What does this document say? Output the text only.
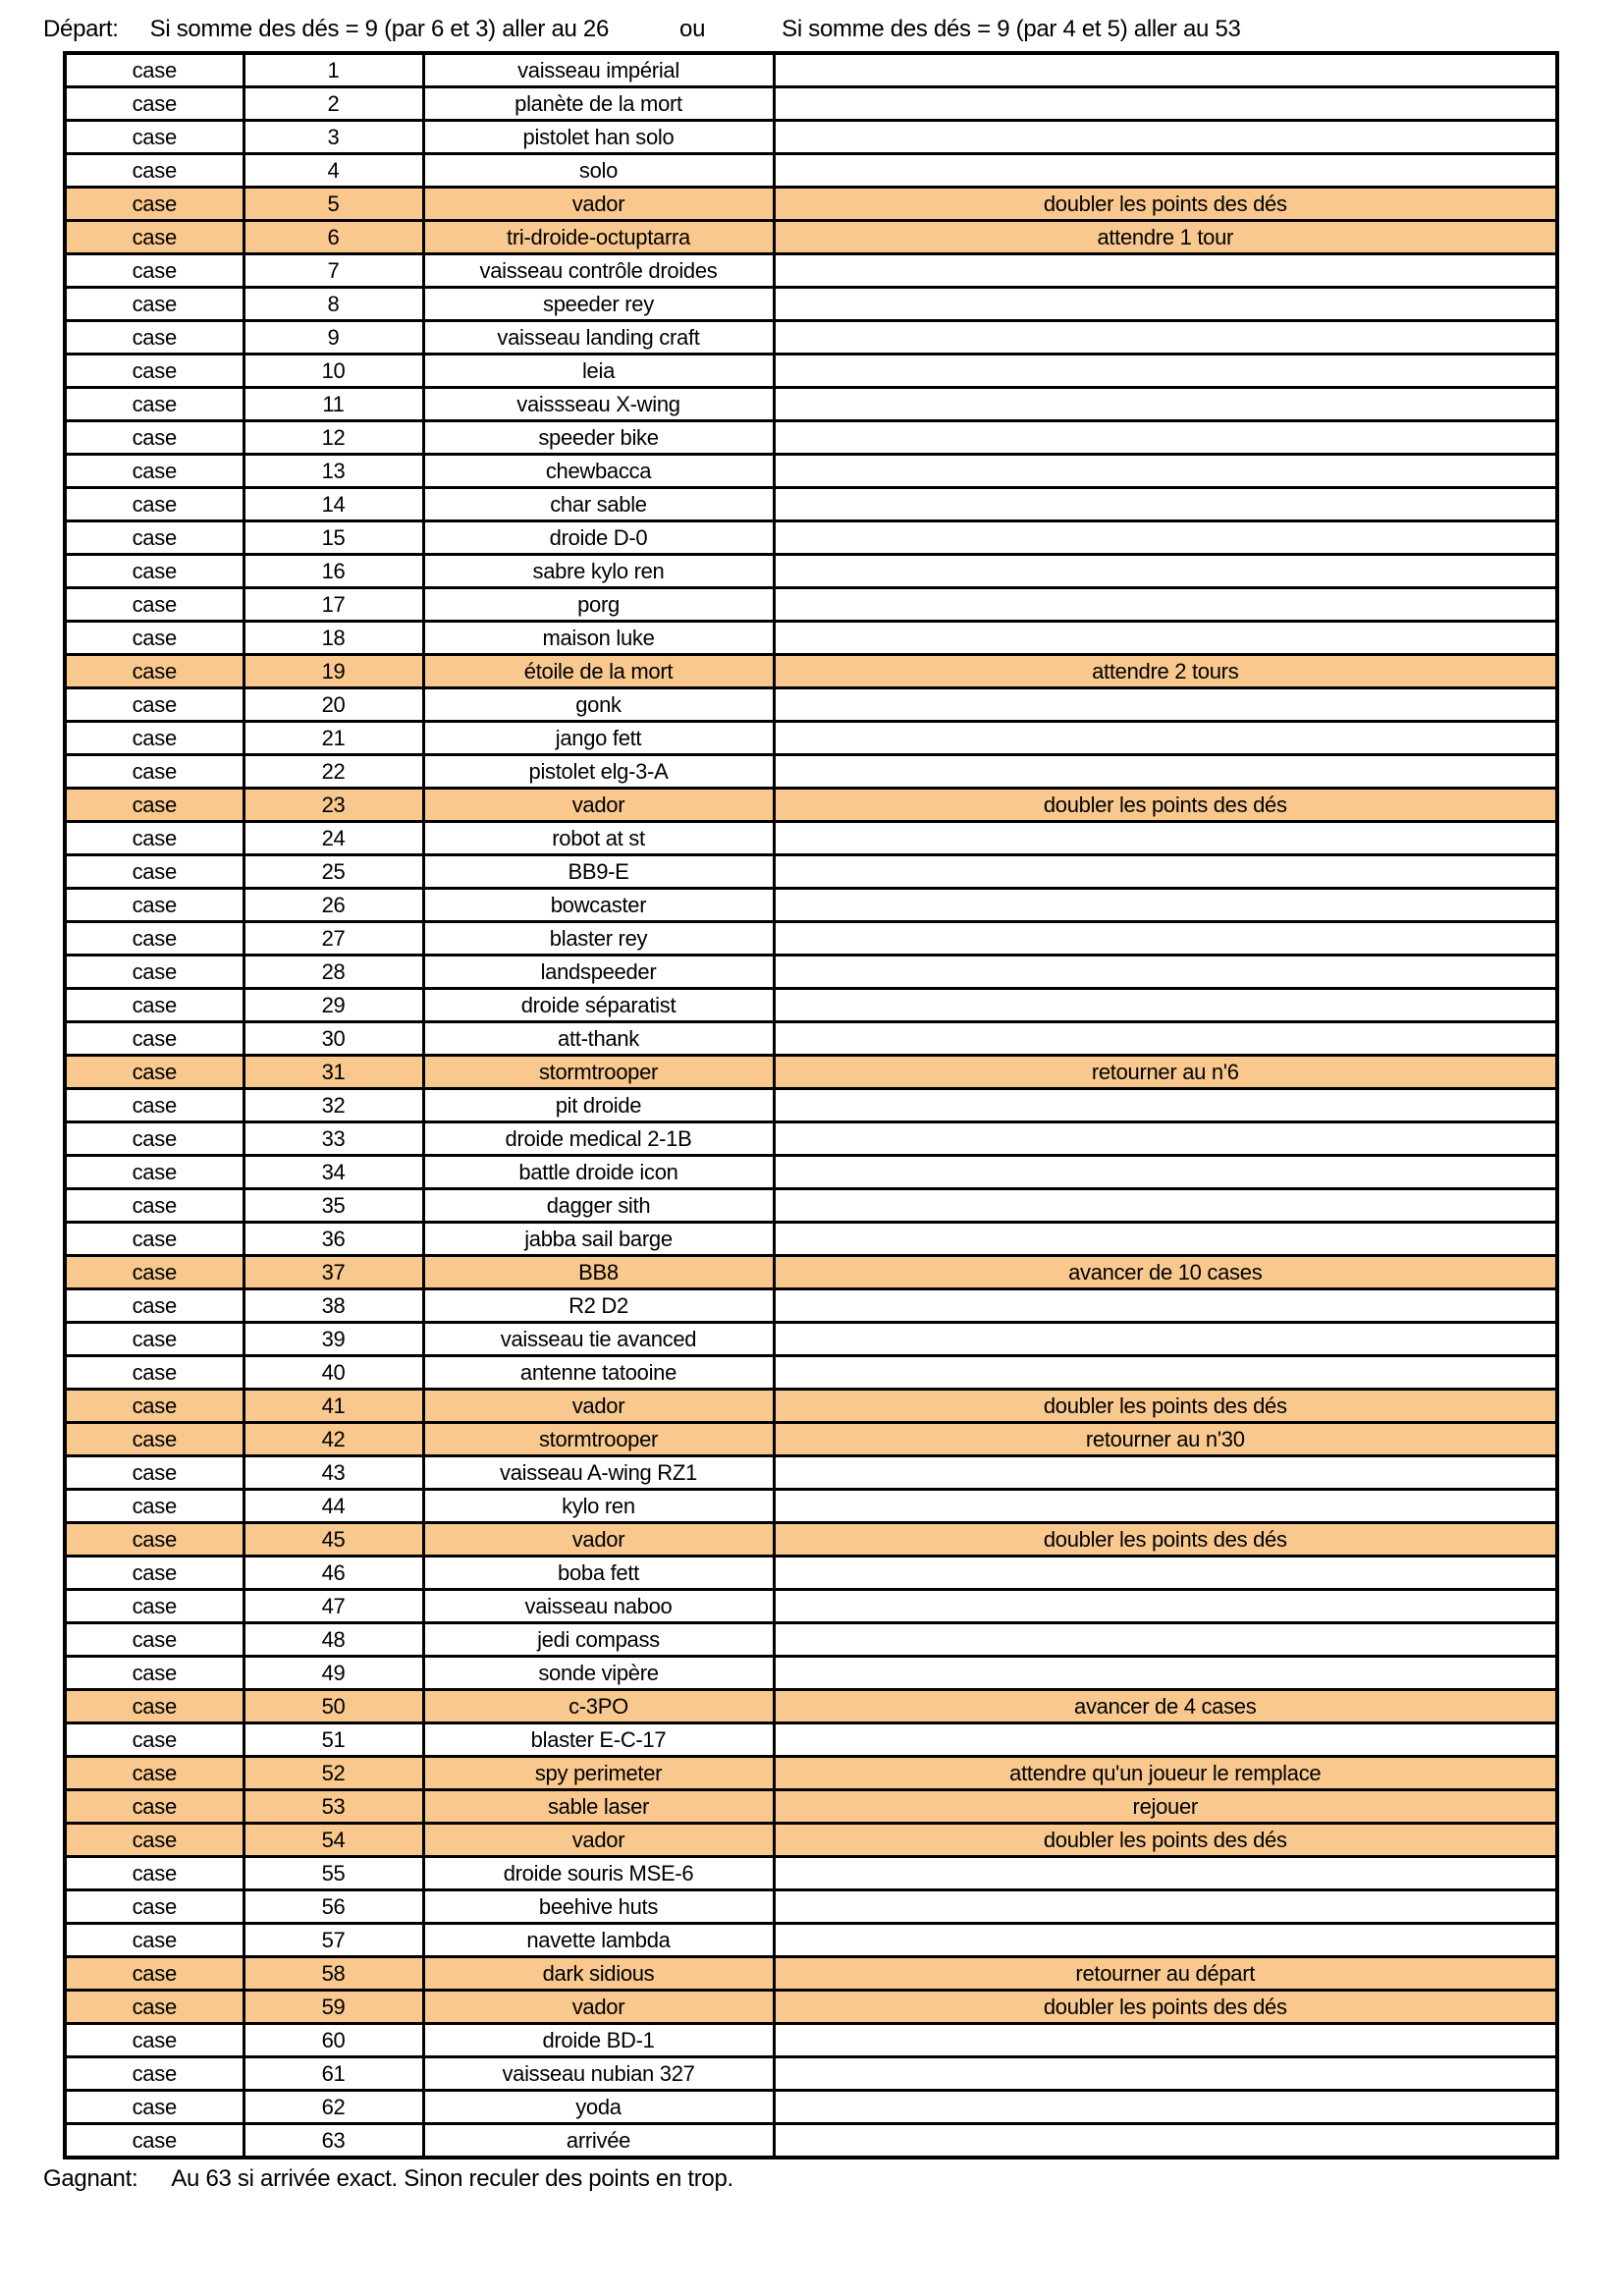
Départ: Si somme des dés = 9 (par 6 et 3) aller au 26	ou	Si somme des dés = 9 (par 4 et 5) aller au 53
case	1	vaisseau impérial	
case	2	planète de la mort	
case	3	pistolet han solo	
case	4	solo	
case	5	vador	doubler les points des dés
case	6	tri-droide-octuptarra	attendre 1 tour
case	7	vaisseau contrôle droides	
case	8	speeder rey	
case	9	vaisseau landing craft	
case	10	leia	
case	11	vaissseau X-wing	
case	12	speeder bike	
case	13	chewbacca	
case	14	char sable	
case	15	droide D-0	
case	16	sabre kylo ren	
case	17	porg	
case	18	maison luke	
case	19	étoile de la mort	attendre 2 tours
case	20	gonk	
case	21	jango fett	
case	22	pistolet elg-3-A	
case	23	vador	doubler les points des dés
case	24	robot at st	
case	25	BB9-E	
case	26	bowcaster	
case	27	blaster rey	
case	28	landspeeder	
case	29	droide séparatist	
case	30	att-thank	
case	31	stormtrooper	retourner au n'6
case	32	pit droide	
case	33	droide medical 2-1B	
case	34	battle droide icon	
case	35	dagger sith	
case	36	jabba sail barge	
case	37	BB8	avancer de 10 cases
case	38	R2 D2	
case	39	vaisseau tie avanced	
case	40	antenne tatooine	
case	41	vador	doubler les points des dés
case	42	stormtrooper	retourner au n'30
case	43	vaisseau A-wing RZ1	
case	44	kylo ren	
case	45	vador	doubler les points des dés
case	46	boba fett	
case	47	vaisseau naboo	
case	48	jedi compass	
case	49	sonde vipère	
case	50	c-3PO	avancer de 4 cases
case	51	blaster E-C-17	
case	52	spy perimeter	attendre qu'un joueur le remplace
case	53	sable laser	rejouer
case	54	vador	doubler les points des dés
case	55	droide souris MSE-6	
case	56	beehive huts	
case	57	navette lambda	
case	58	dark sidious	retourner au départ
case	59	vador	doubler les points des dés
case	60	droide BD-1	
case	61	vaisseau nubian 327	
case	62	yoda	
case	63	arrivée	
Gagnant: Au 63 si arrivée exact. Sinon reculer des points en trop.
